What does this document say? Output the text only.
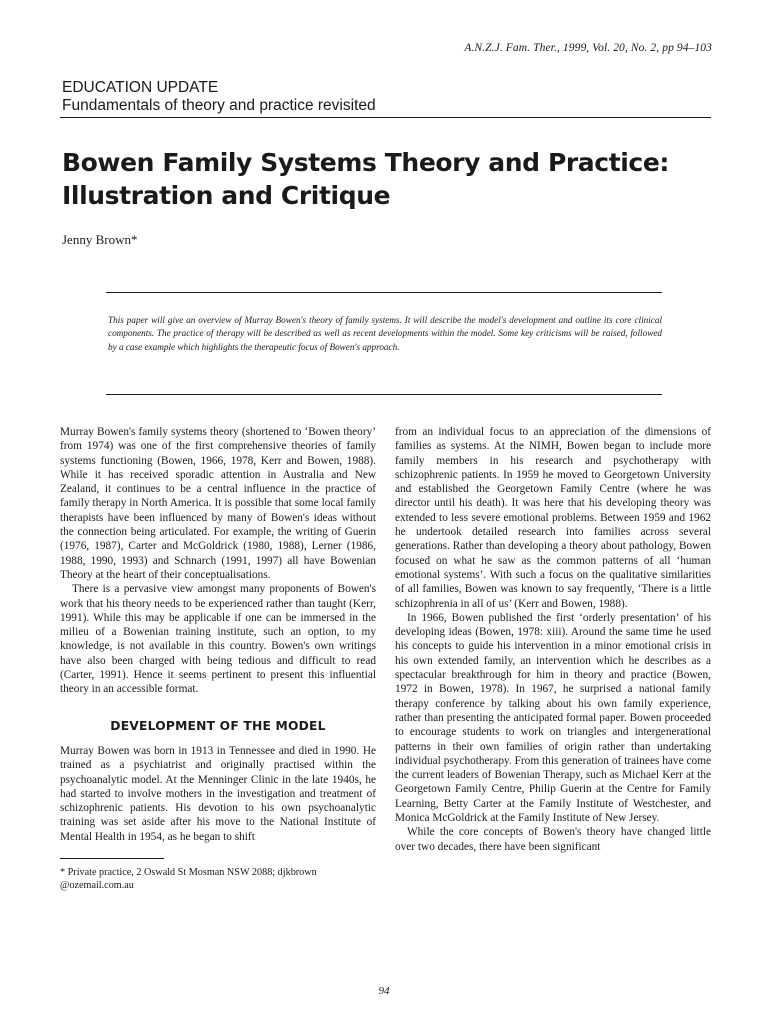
A.N.Z.J. Fam. Ther., 1999, Vol. 20, No. 2, pp 94–103
EDUCATION UPDATE
Fundamentals of theory and practice revisited
Bowen Family Systems Theory and Practice:
Illustration and Critique
Jenny Brown*

This paper will give an overview of Murray Bowen's theory of family systems. It will describe the model's development and outline its core clinical components. The practice of therapy will be described as well as recent developments within the model. Some key criticisms will be raised, followed by a case example which highlights the therapeutic focus of Bowen's approach.

Murray Bowen's family systems theory (shortened to ‘Bowen theory’ from 1974) was one of the first comprehensive theories of family systems functioning (Bowen, 1966, 1978, Kerr and Bowen, 1988). While it has received sporadic attention in Australia and New Zealand, it continues to be a central influence in the practice of family therapy in North America. It is possible that some local family therapists have been influenced by many of Bowen's ideas without the connection being articulated. For example, the writing of Guerin (1976, 1987), Carter and McGoldrick (1980, 1988), Lerner (1986, 1988, 1990, 1993) and Schnarch (1991, 1997) all have Bowenian Theory at the heart of their conceptualisations.

There is a pervasive view amongst many proponents of Bowen's work that his theory needs to be experienced rather than taught (Kerr, 1991). While this may be applicable if one can be immersed in the milieu of a Bowenian training institute, such an option, to my knowledge, is not available in this country. Bowen's own writings have also been charged with being tedious and difficult to read (Carter, 1991). Hence it seems pertinent to present this influential theory in an accessible format.

DEVELOPMENT OF THE MODEL

Murray Bowen was born in 1913 in Tennessee and died in 1990. He trained as a psychiatrist and originally practised within the psychoanalytic model. At the Menninger Clinic in the late 1940s, he had started to involve mothers in the investigation and treatment of schizophrenic patients. His devotion to his own psychoanalytic training was set aside after his move to the National Institute of Mental Health in 1954, as he began to shift

from an individual focus to an appreciation of the dimensions of families as systems. At the NIMH, Bowen began to include more family members in his research and psychotherapy with schizophrenic patients. In 1959 he moved to Georgetown University and established the Georgetown Family Centre (where he was director until his death). It was here that his developing theory was extended to less severe emotional problems. Between 1959 and 1962 he undertook detailed research into families across several generations. Rather than developing a theory about pathology, Bowen focused on what he saw as the common patterns of all ‘human emotional systems’. With such a focus on the qualitative similarities of all families, Bowen was known to say frequently, ‘There is a little schizophrenia in all of us’ (Kerr and Bowen, 1988).

In 1966, Bowen published the first ‘orderly presentation’ of his developing ideas (Bowen, 1978: xiii). Around the same time he used his concepts to guide his intervention in a minor emotional crisis in his own extended family, an intervention which he describes as a spectacular breakthrough for him in theory and practice (Bowen, 1972 in Bowen, 1978). In 1967, he surprised a national family therapy conference by talking about his own family experience, rather than presenting the anticipated formal paper. Bowen proceeded to encourage students to work on triangles and intergenerational patterns in their own families of origin rather than undertaking individual psychotherapy. From this generation of trainees have come the current leaders of Bowenian Therapy, such as Michael Kerr at the Georgetown Family Centre, Philip Guerin at the Centre for Family Learning, Betty Carter at the Family Institute of Westchester, and Monica McGoldrick at the Family Institute of New Jersey.

While the core concepts of Bowen's theory have changed little over two decades, there have been significant

* Private practice, 2 Oswald St Mosman NSW 2088; djkbrown @ozemail.com.au

94
